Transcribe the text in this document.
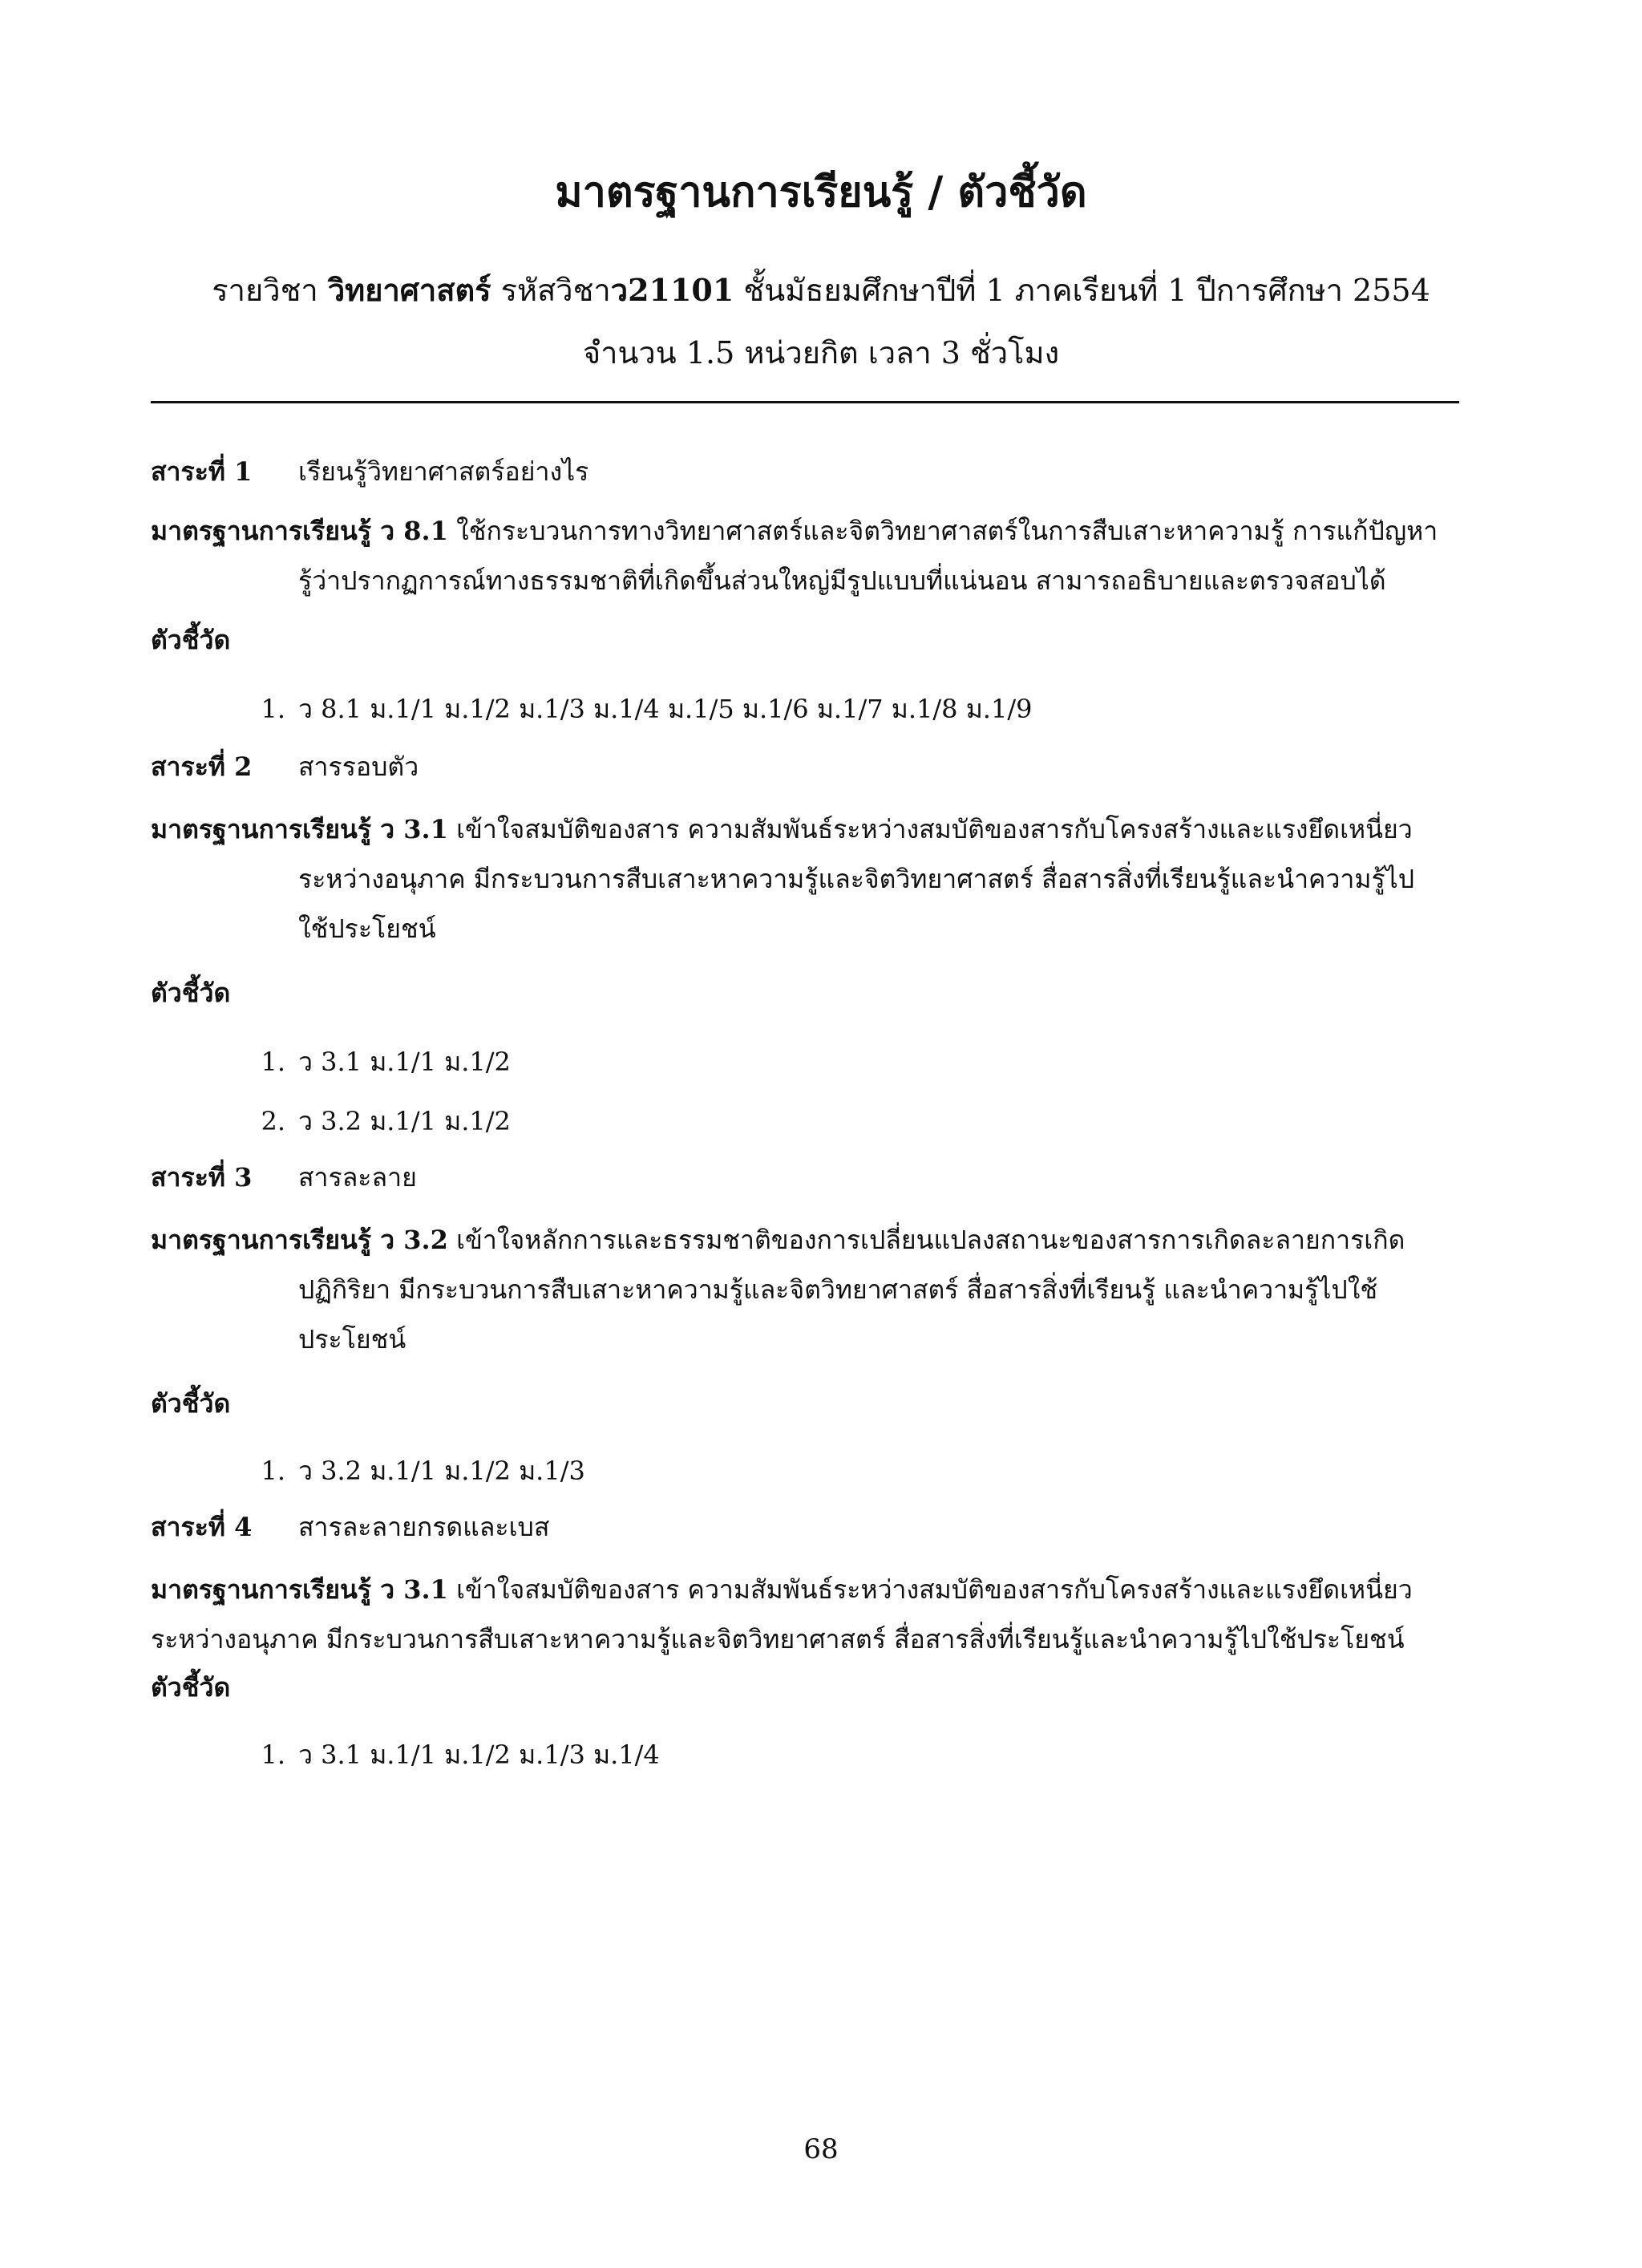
มาตรฐานการเรียนรู้ / ตัวชี้วัด
รายวิชา วิทยาศาสตร์ รหัสวิชาว21101 ชั้นมัธยมศึกษาปีที่ 1 ภาคเรียนที่ 1 ปีการศึกษา 2554
จำนวน 1.5 หน่วยกิต เวลา 3 ชั่วโมง
สาระที่ 1	เรียนรู้วิทยาศาสตร์อย่างไร
มาตรฐานการเรียนรู้ ว 8.1 ใช้กระบวนการทางวิทยาศาสตร์และจิตวิทยาศาสตร์ในการสืบเสาะหาความรู้ การแก้ปัญหา
รู้ว่าปรากฏการณ์ทางธรรมชาติที่เกิดขึ้นส่วนใหญ่มีรูปแบบที่แน่นอน สามารถอธิบายและตรวจสอบได้
ตัวชี้วัด
1. ว 8.1 ม.1/1 ม.1/2 ม.1/3 ม.1/4 ม.1/5 ม.1/6 ม.1/7 ม.1/8 ม.1/9
สาระที่ 2	สารรอบตัว
มาตรฐานการเรียนรู้ ว 3.1 เข้าใจสมบัติของสาร ความสัมพันธ์ระหว่างสมบัติของสารกับโครงสร้างและแรงยึดเหนี่ยว
ระหว่างอนุภาค มีกระบวนการสืบเสาะหาความรู้และจิตวิทยาศาสตร์ สื่อสารสิ่งที่เรียนรู้และนำความรู้ไป
ใช้ประโยชน์
ตัวชี้วัด
1. ว 3.1 ม.1/1 ม.1/2
2. ว 3.2 ม.1/1 ม.1/2
สาระที่ 3	สารละลาย
มาตรฐานการเรียนรู้ ว 3.2 เข้าใจหลักการและธรรมชาติของการเปลี่ยนแปลงสถานะของสารการเกิดละลายการเกิด
ปฏิกิริยา มีกระบวนการสืบเสาะหาความรู้และจิตวิทยาศาสตร์ สื่อสารสิ่งที่เรียนรู้ และนำความรู้ไปใช้
ประโยชน์
ตัวชี้วัด
1. ว 3.2 ม.1/1 ม.1/2 ม.1/3
สาระที่ 4	สารละลายกรดและเบส
มาตรฐานการเรียนรู้ ว 3.1 เข้าใจสมบัติของสาร ความสัมพันธ์ระหว่างสมบัติของสารกับโครงสร้างและแรงยึดเหนี่ยว
ระหว่างอนุภาค มีกระบวนการสืบเสาะหาความรู้และจิตวิทยาศาสตร์ สื่อสารสิ่งที่เรียนรู้และนำความรู้ไปใช้ประโยชน์
ตัวชี้วัด
1. ว 3.1 ม.1/1 ม.1/2 ม.1/3 ม.1/4
68
